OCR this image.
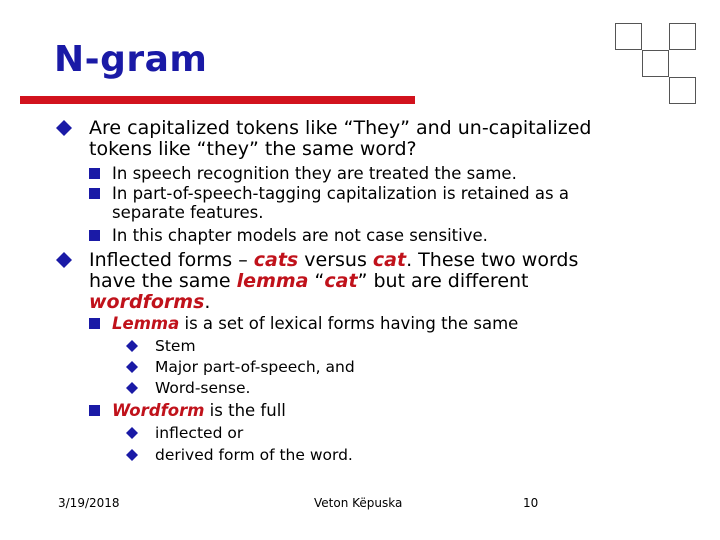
N-gram
Are capitalized tokens like “They” and un-capitalized
tokens like “they” the same word?
In speech recognition they are treated the same.
In part-of-speech-tagging capitalization is retained as a
separate features.
In this chapter models are not case sensitive.
Inflected forms – cats versus cat. These two words
have the same lemma “cat” but are different
wordforms.
Lemma is a set of lexical forms having the same
Stem
Major part-of-speech, and
Word-sense.
Wordform is the full
inflected or
derived form of the word.
3/19/2018	Veton Këpuska	10
